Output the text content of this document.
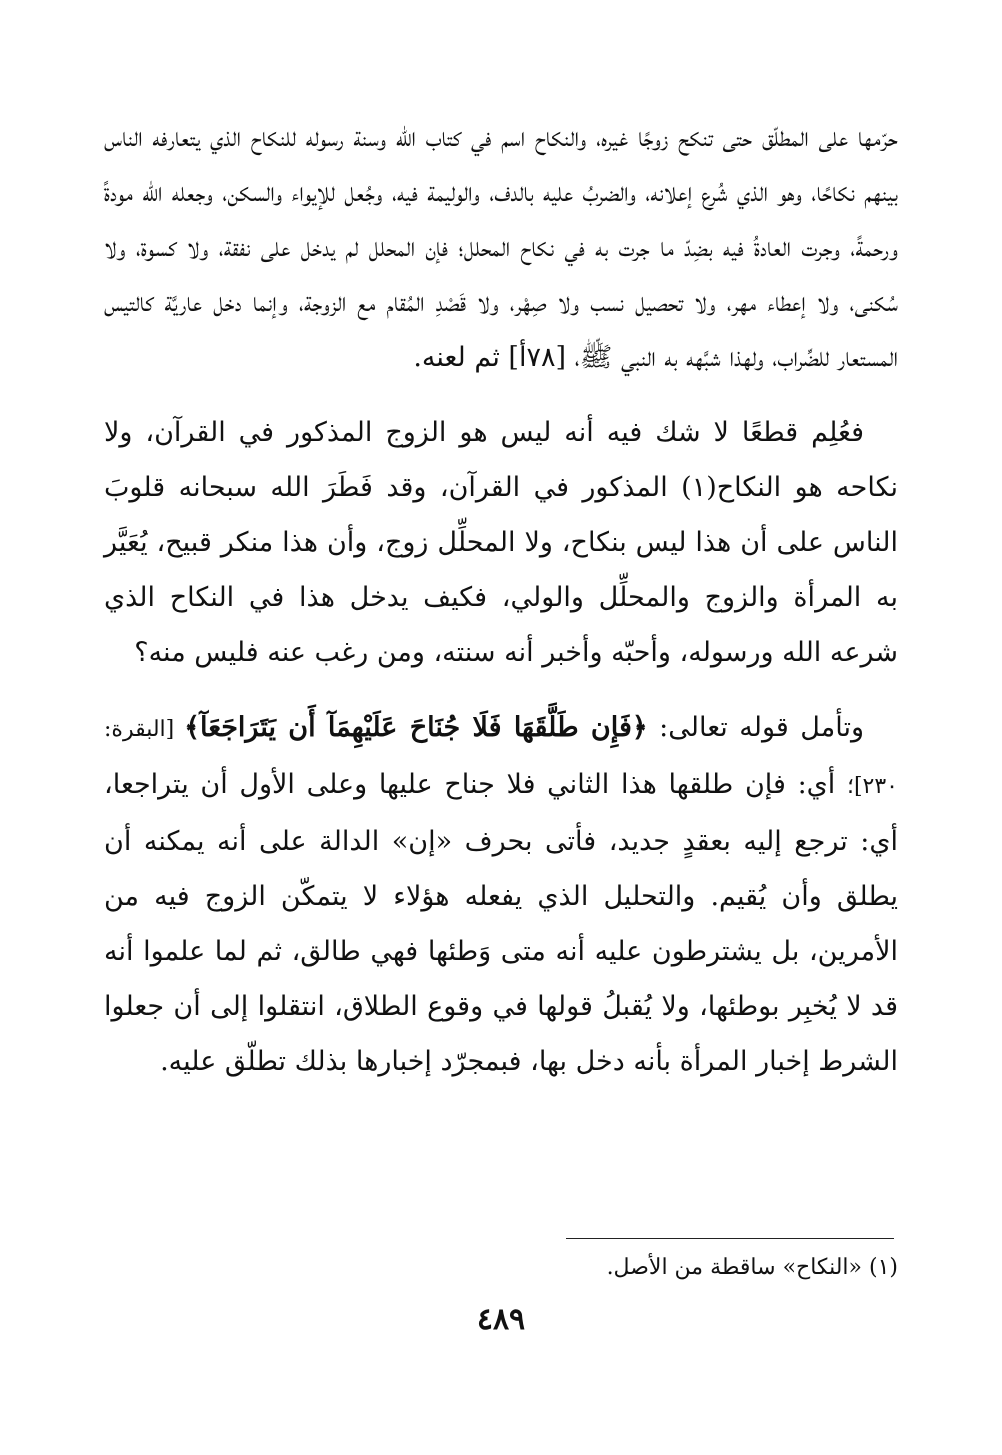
حرّمها على المطلّق حتى تنكح زوجًا غيره، والنكاح اسم في كتاب الله وسنة رسوله للنكاح الذي يتعارفه الناس بينهم نكاحًا، وهو الذي شُرع إعلانه، والضربُ عليه بالدف، والوليمة فيه، وجُعل للإيواء والسكن، وجعله الله مودةً ورحمةً، وجرت العادةُ فيه بضِدّ ما جرت به في نكاح المحلل؛ فإن المحلل لم يدخل على نفقة، ولا كسوة، ولا سُكنى، ولا إعطاء مهر، ولا تحصيل نسب ولا صِهْر، ولا قَصْدِ المُقام مع الزوجة، وإنما دخل عاريَّة كالتيس المستعار للضِّراب، ولهذا شبَّهه به النبي ﷺ، [٧٨أ] ثم لعنه.

فعُلِم قطعًا لا شك فيه أنه ليس هو الزوج المذكور في القرآن، ولا نكاحه هو النكاح(١) المذكور في القرآن، وقد فَطَرَ الله سبحانه قلوبَ الناس على أن هذا ليس بنكاح، ولا المحلِّل زوج، وأن هذا منكر قبيح، يُعَيَّر به المرأة والزوج والمحلِّل والولي، فكيف يدخل هذا في النكاح الذي شرعه الله ورسوله، وأحبّه وأخبر أنه سنته، ومن رغب عنه فليس منه؟

وتأمل قوله تعالى: ﴿فَإِن طَلَّقَهَا فَلَا جُنَاحَ عَلَيْهِمَآ أَن يَتَرَاجَعَآ﴾ [البقرة: ٢٣٠]؛ أي: فإن طلقها هذا الثاني فلا جناح عليها وعلى الأول أن يتراجعا، أي: ترجع إليه بعقدٍ جديد، فأتى بحرف «إن» الدالة على أنه يمكنه أن يطلق وأن يُقيم. والتحليل الذي يفعله هؤلاء لا يتمكّن الزوج فيه من الأمرين، بل يشترطون عليه أنه متى وَطئها فهي طالق، ثم لما علموا أنه قد لا يُخبِر بوطئها، ولا يُقبلُ قولها في وقوع الطلاق، انتقلوا إلى أن جعلوا الشرط إخبار المرأة بأنه دخل بها، فبمجرّد إخبارها بذلك تطلّق عليه.

(١) «النكاح» ساقطة من الأصل.
٤٨٩
